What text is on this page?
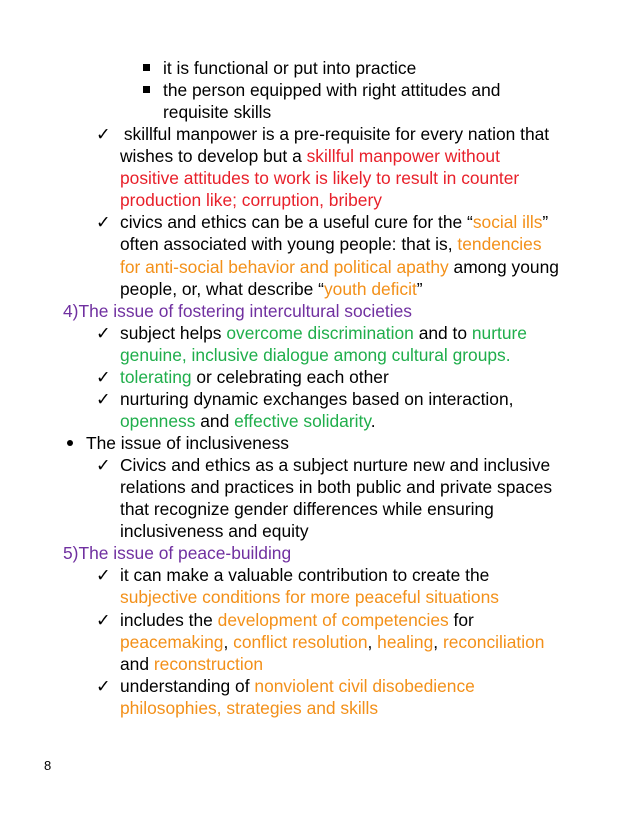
it is functional or put into practice
the person equipped with right attitudes and
requisite skills
✓ skillful manpower is a pre-requisite for every nation that
wishes to develop but a skillful manpower without
positive attitudes to work is likely to result in counter
production like; corruption, bribery
✓ civics and ethics can be a useful cure for the “social ills”
often associated with young people: that is, tendencies
for anti-social behavior and political apathy among young
people, or, what describe “youth deficit”
4)The issue of fostering intercultural societies
✓ subject helps overcome discrimination and to nurture
genuine, inclusive dialogue among cultural groups.
✓ tolerating or celebrating each other
✓ nurturing dynamic exchanges based on interaction,
openness and effective solidarity.
The issue of inclusiveness
✓ Civics and ethics as a subject nurture new and inclusive
relations and practices in both public and private spaces
that recognize gender differences while ensuring
inclusiveness and equity
5)The issue of peace-building
✓ it can make a valuable contribution to create the
subjective conditions for more peaceful situations
✓ includes the development of competencies for
peacemaking, conflict resolution, healing, reconciliation
and reconstruction
✓ understanding of nonviolent civil disobedience
philosophies, strategies and skills
8
